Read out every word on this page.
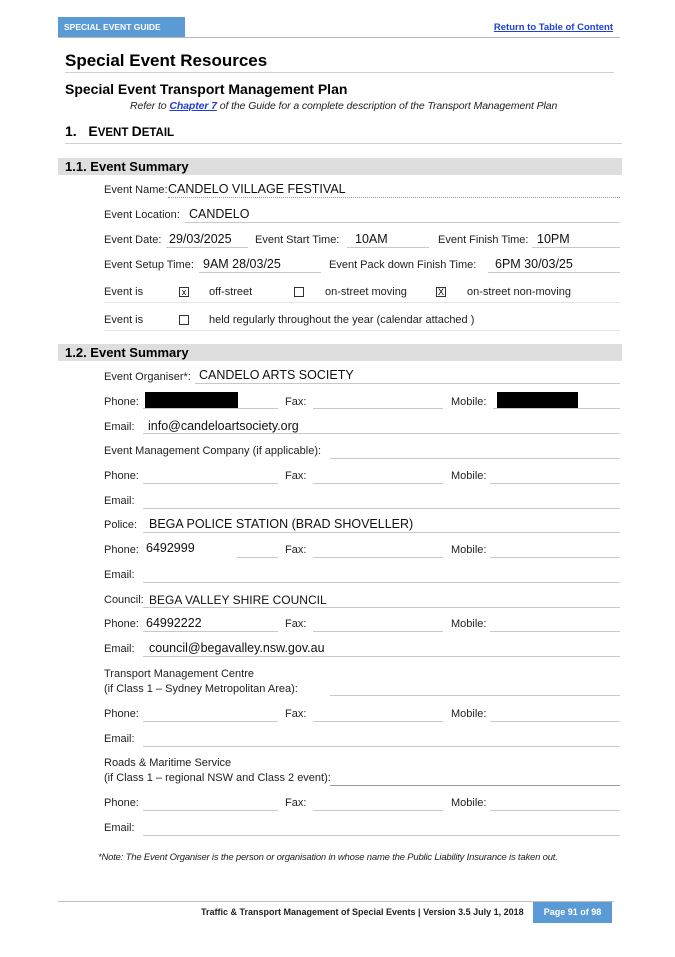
SPECIAL EVENT GUIDE	Return to Table of Content
Special Event Resources
Special Event Transport Management Plan
Refer to Chapter 7 of the Guide for a complete description of the Transport Management Plan
1. EVENT DETAIL
1.1. Event Summary
Event Name: CANDELO VILLAGE FESTIVAL
Event Location: CANDELO
Event Date: 29/03/2025 Event Start Time: 10AM	Event Finish Time: 10PM
Event Setup Time: 9AM 28/03/25	Event Pack down Finish Time: 6PM 30/03/25
Event is	x off-street	on-street moving	X on-street non-moving
Event is	held regularly throughout the year (calendar attached )
1.2. Event Summary
Event Organiser*: CANDELO ARTS SOCIETY
Phone:	Fax:	Mobile:
Email: info@candeloartsociety.org
Event Management Company (if applicable):
Phone:	Fax:	Mobile:
Email:
Police: BEGA POLICE STATION (BRAD SHOVELLER)
Phone: 6492999	Fax:	Mobile:
Email:
Council: BEGA VALLEY SHIRE COUNCIL
Phone: 64992222	Fax:	Mobile:
Email: council@begavalley.nsw.gov.au
Transport Management Centre
(if Class 1 – Sydney Metropolitan Area):
Phone:	Fax:	Mobile:
Email:
Roads & Maritime Service
(if Class 1 – regional NSW and Class 2 event):
Phone:	Fax:	Mobile:
Email:
*Note: The Event Organiser is the person or organisation in whose name the Public Liability Insurance is taken out.
Traffic & Transport Management of Special Events | Version 3.5 July 1, 2018	Page 91 of 98
